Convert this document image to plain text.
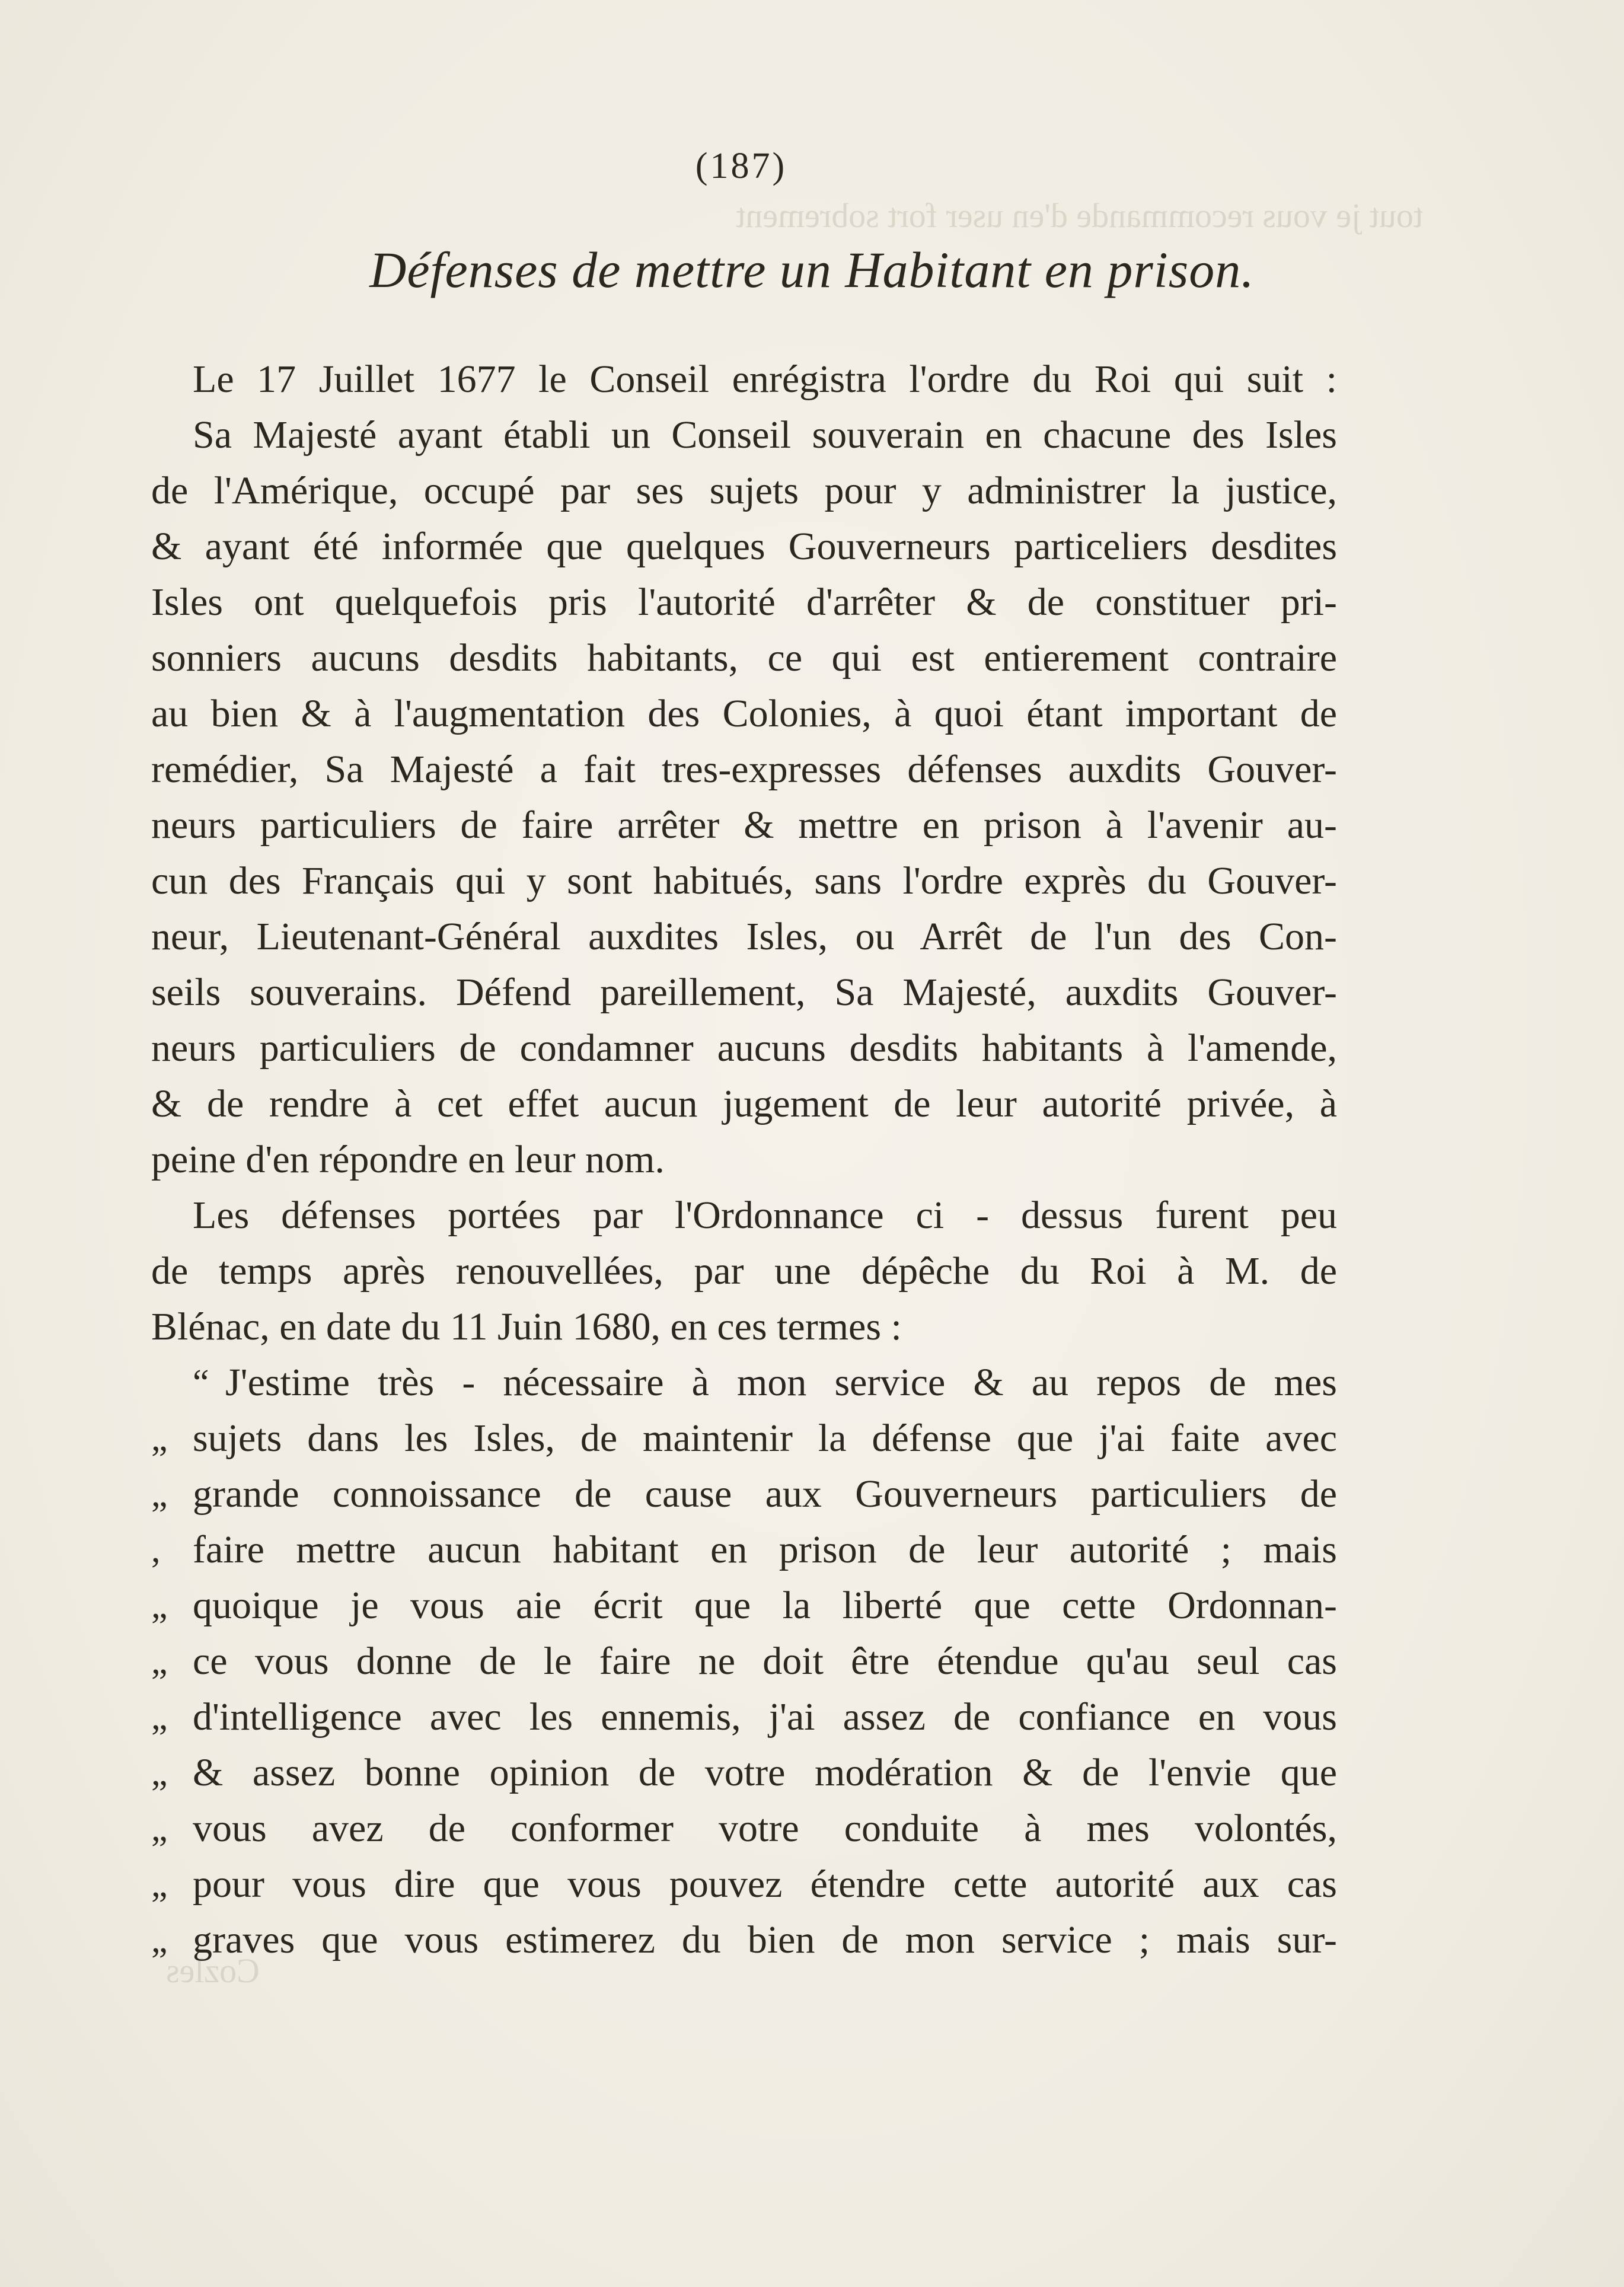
tout je vous recommande d'en user fort sobrement
Cozles
(187)
Défenses de mettre un Habitant en prison.
Le 17 Juillet 1677 le Conseil enrégistra l'ordre du Roi qui suit :
Sa Majesté ayant établi un Conseil souverain en chacune des Isles
de l'Amérique, occupé par ses sujets pour y administrer la justice,
& ayant été informée que quelques Gouverneurs particeliers desdites
Isles ont quelquefois pris l'autorité d'arrêter & de constituer pri-
sonniers aucuns desdits habitants, ce qui est entierement contraire
au bien & à l'augmentation des Colonies, à quoi étant important de
remédier, Sa Majesté a fait tres-expresses défenses auxdits Gouver-
neurs particuliers de faire arrêter & mettre en prison à l'avenir au-
cun des Français qui y sont habitués, sans l'ordre exprès du Gouver-
neur, Lieutenant-Général auxdites Isles, ou Arrêt de l'un des Con-
seils souverains. Défend pareillement, Sa Majesté, auxdits Gouver-
neurs particuliers de condamner aucuns desdits habitants à l'amende,
& de rendre à cet effet aucun jugement de leur autorité privée, à
peine d'en répondre en leur nom.
Les défenses portées par l'Ordonnance ci - dessus furent peu
de temps après renouvellées, par une dépêche du Roi à M. de
Blénac, en date du 11 Juin 1680, en ces termes :
“ J'estime très - nécessaire à mon service & au repos de mes
„ sujets dans les Isles, de maintenir la défense que j'ai faite avec
„ grande connoissance de cause aux Gouverneurs particuliers de
, faire mettre aucun habitant en prison de leur autorité ; mais
„ quoique je vous aie écrit que la liberté que cette Ordonnan-
„ ce vous donne de le faire ne doit être étendue qu'au seul cas
„ d'intelligence avec les ennemis, j'ai assez de confiance en vous
„ & assez bonne opinion de votre modération & de l'envie que
„ vous avez de conformer votre conduite à mes volontés,
„ pour vous dire que vous pouvez étendre cette autorité aux cas
„ graves que vous estimerez du bien de mon service ; mais sur-
